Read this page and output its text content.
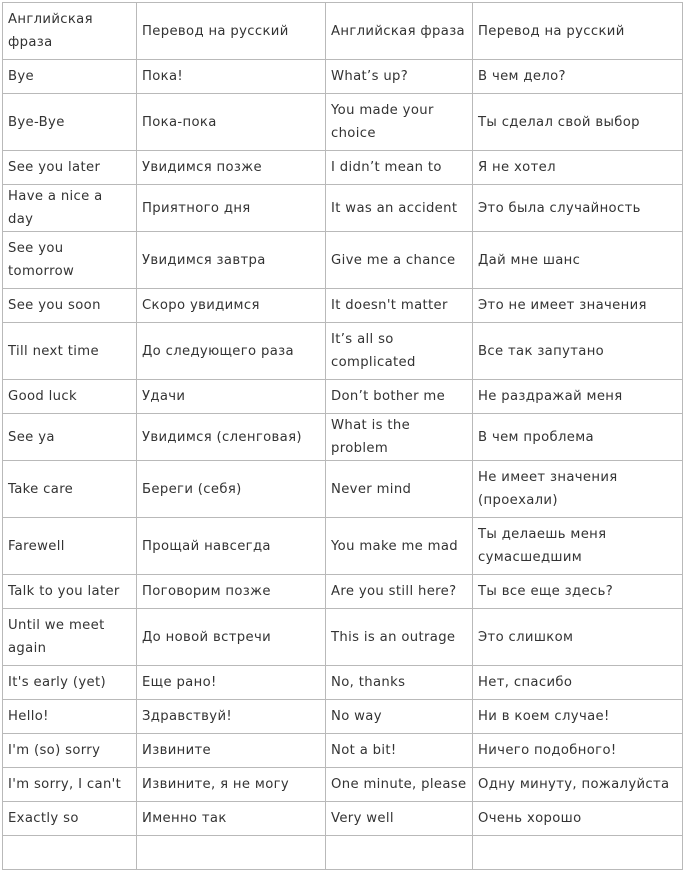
Английская фраза	Перевод на русский	Английская фраза	Перевод на русский
Bye	Пока!	What’s up?	В чем дело?
Bye-Bye	Пока-пока	You made your choice	Ты сделал свой выбор
See you later	Увидимся позже	I didn’t mean to	Я не хотел
Have a nice a day	Приятного дня	It was an accident	Это была случайность
See you tomorrow	Увидимся завтра	Give me a chance	Дай мне шанс
See you soon	Скоро увидимся	It doesn't matter	Это не имеет значения
Till next time	До следующего раза	It’s all so complicated	Все так запутано
Good luck	Удачи	Don’t bother me	Не раздражай меня
See ya	Увидимся (сленговая)	What is the problem	В чем проблема
Take care	Береги (себя)	Never mind	Не имеет значения (проехали)
Farewell	Прощай навсегда	You make me mad	Ты делаешь меня сумасшедшим
Talk to you later	Поговорим позже	Are you still here?	Ты все еще здесь?
Until we meet again	До новой встречи	This is an outrage	Это слишком
It's early (yet)	Еще рано!	No, thanks	Нет, спасибо
Hello!	Здравствуй!	No way	Ни в коем случае!
I'm (so) sorry	Извините	Not a bit!	Ничего подобного!
I'm sorry, I can't	Извините, я не могу	One minute, please	Одну минуту, пожалуйста
Exactly so	Именно так	Very well	Очень хорошо
